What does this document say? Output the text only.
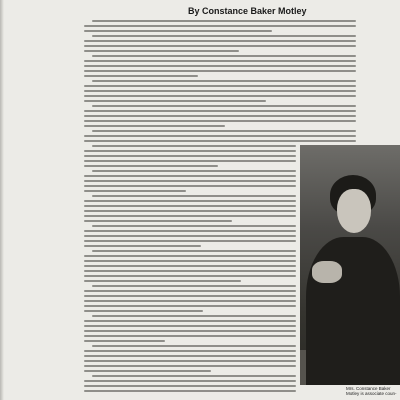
By Constance Baker Motley
Mrs. Constance Baker
Motley is associate coun-
